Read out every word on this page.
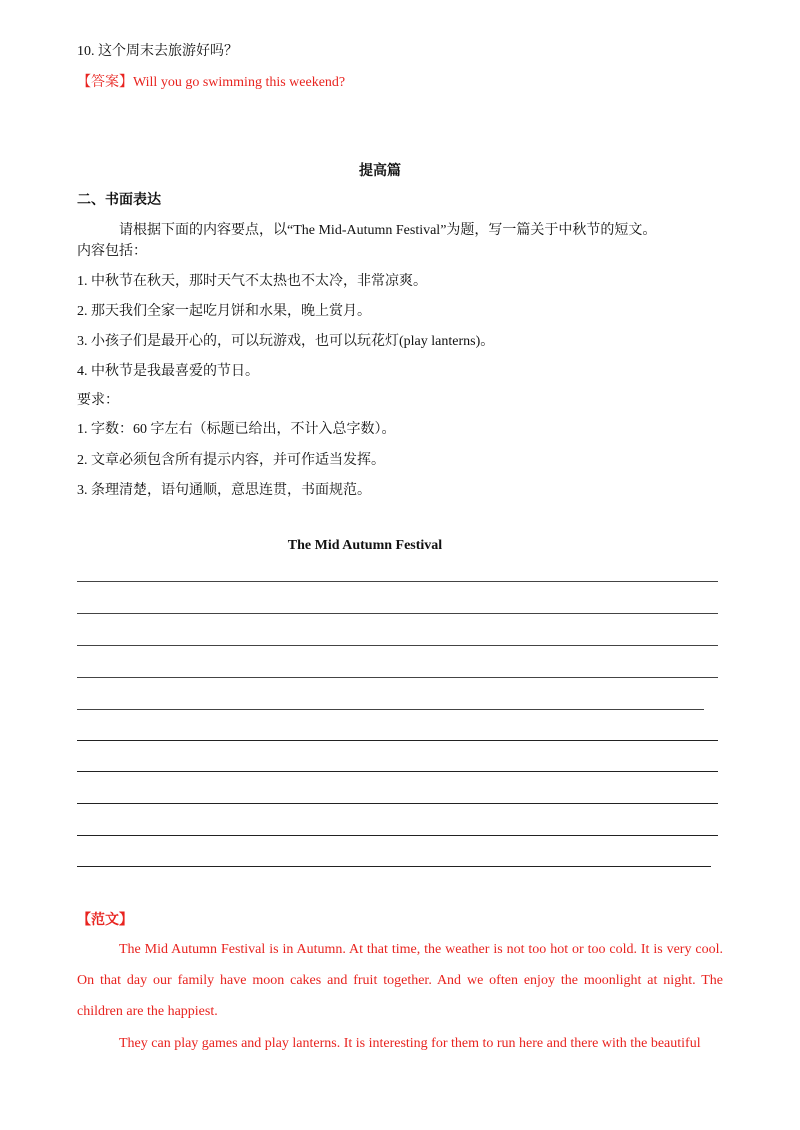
10. 这个周末去旅游好吗？
【答案】Will you go swimming this weekend?
提高篇
二、书面表达
请根据下面的内容要点，以“The Mid-Autumn Festival”为题，写一篇关于中秋节的短文。
内容包括：
1. 中秋节在秋天，那时天气不太热也不太冷，非常凉爽。
2. 那天我们全家一起吃月饼和水果，晚上赏月。
3. 小孩子们是最开心的，可以玩游戏，也可以玩花灯(play lanterns)。
4. 中秋节是我最喜爱的节日。
要求：
1. 字数：60 字左右（标题已给出，不计入总字数）。
2. 文章必须包含所有提示内容，并可作适当发挥。
3. 条理清楚，语句通顺，意思连贯，书面规范。
The Mid Autumn Festival
【范文】
The Mid Autumn Festival is in Autumn. At that time, the weather is not too hot or too cold. It is very cool. On that day our family have moon cakes and fruit together. And we often enjoy the moonlight at night. The children are the happiest.
They can play games and play lanterns. It is interesting for them to run here and there with the beautiful
